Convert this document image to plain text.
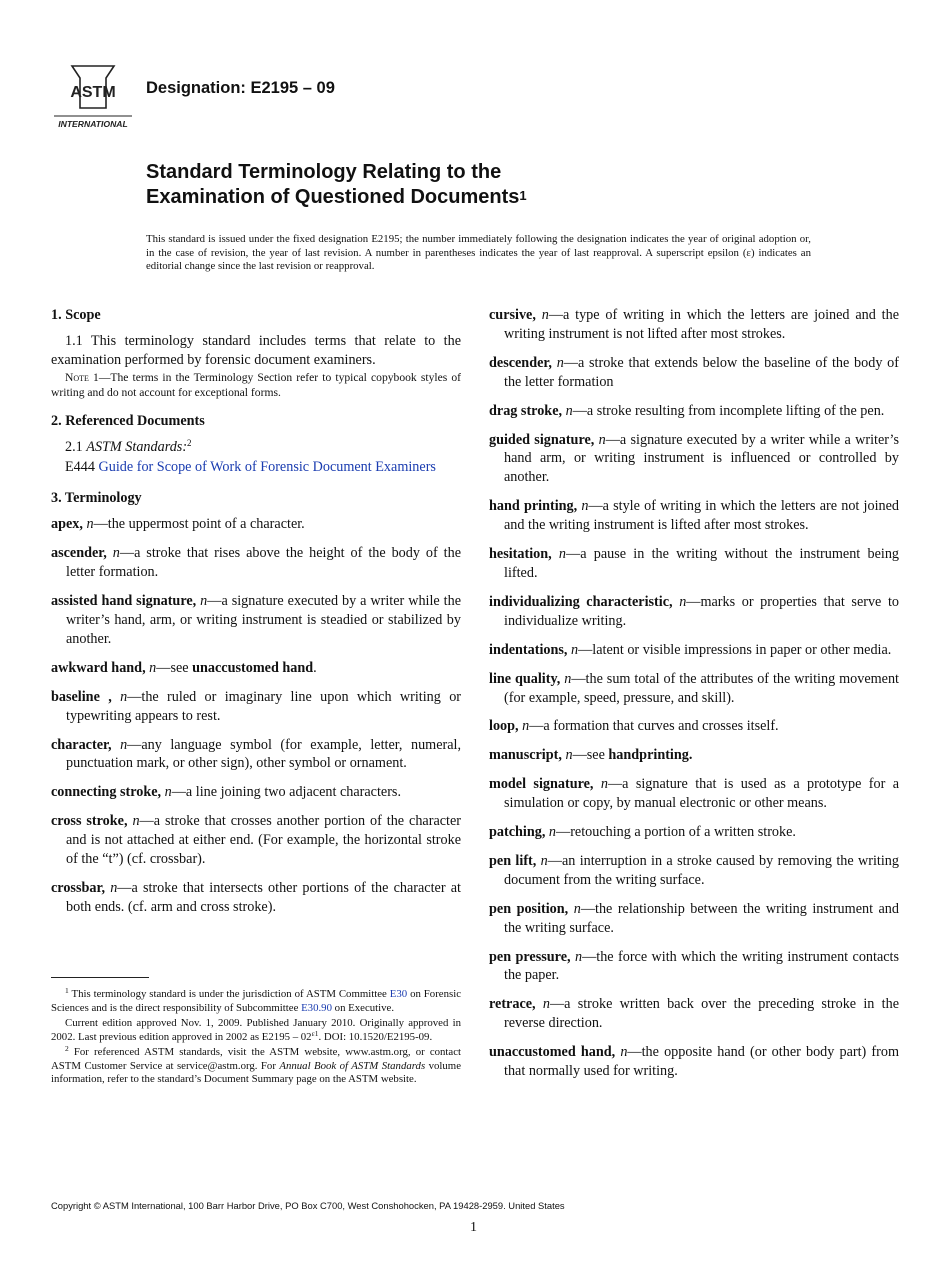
ASTM
INTERNATIONAL
Designation: E2195 – 09
Standard Terminology Relating to the
Examination of Questioned Documents$^1$
This standard is issued under the fixed designation E2195; the number immediately following the designation indicates the year of original adoption or, in the case of revision, the year of last revision. A number in parentheses indicates the year of last reapproval. A superscript epsilon (ε) indicates an editorial change since the last revision or reapproval.
1. Scope

1.1 This terminology standard includes terms that relate to the examination performed by forensic document examiners.

Note 1—The terms in the Terminology Section refer to typical copybook styles of writing and do not account for exceptional forms.

2. Referenced Documents

2.1 ASTM Standards:$^2$

E444 Guide for Scope of Work of Forensic Document Examiners

3. Terminology

apex, n—the uppermost point of a character.

ascender, n—a stroke that rises above the height of the body of the letter formation.

assisted hand signature, n—a signature executed by a writer while the writer’s hand, arm, or writing instrument is steadied or stabilized by another.

awkward hand, n—see unaccustomed hand.

baseline , n—the ruled or imaginary line upon which writing or typewriting appears to rest.

character, n—any language symbol (for example, letter, numeral, punctuation mark, or other sign), other symbol or ornament.

connecting stroke, n—a line joining two adjacent characters.

cross stroke, n—a stroke that crosses another portion of the character and is not attached at either end. (For example, the horizontal stroke of the “t”) (cf. crossbar).

crossbar, n—a stroke that intersects other portions of the character at both ends. (cf. arm and cross stroke).

$^1$ This terminology standard is under the jurisdiction of ASTM Committee E30 on Forensic Sciences and is the direct responsibility of Subcommittee E30.90 on Executive.

Current edition approved Nov. 1, 2009. Published January 2010. Originally approved in 2002. Last previous edition approved in 2002 as $E2195 - 02^{\varepsilon 1}$. DOI: 10.1520/E2195-09.

$^2$ For referenced ASTM standards, visit the ASTM website, www.astm.org, or contact ASTM Customer Service at service@astm.org. For Annual Book of ASTM Standards volume information, refer to the standard’s Document Summary page on the ASTM website.

cursive, n—a type of writing in which the letters are joined and the writing instrument is not lifted after most strokes.

descender, n—a stroke that extends below the baseline of the body of the letter formation

drag stroke, n—a stroke resulting from incomplete lifting of the pen.

guided signature, n—a signature executed by a writer while a writer’s hand arm, or writing instrument is influenced or controlled by another.

hand printing, n—a style of writing in which the letters are not joined and the writing instrument is lifted after most strokes.

hesitation, n—a pause in the writing without the instrument being lifted.

individualizing characteristic, n—marks or properties that serve to individualize writing.

indentations, n—latent or visible impressions in paper or other media.

line quality, n—the sum total of the attributes of the writing movement (for example, speed, pressure, and skill).

loop, n—a formation that curves and crosses itself.

manuscript, n—see handprinting.

model signature, n—a signature that is used as a prototype for a simulation or copy, by manual electronic or other means.

patching, n—retouching a portion of a written stroke.

pen lift, n—an interruption in a stroke caused by removing the writing document from the writing surface.

pen position, n—the relationship between the writing instrument and the writing surface.

pen pressure, n—the force with which the writing instrument contacts the paper.

retrace, n—a stroke written back over the preceding stroke in the reverse direction.

unaccustomed hand, n—the opposite hand (or other body part) from that normally used for writing.

Copyright © ASTM International, 100 Barr Harbor Drive, PO Box C700, West Conshohocken, PA 19428-2959. United States
1
